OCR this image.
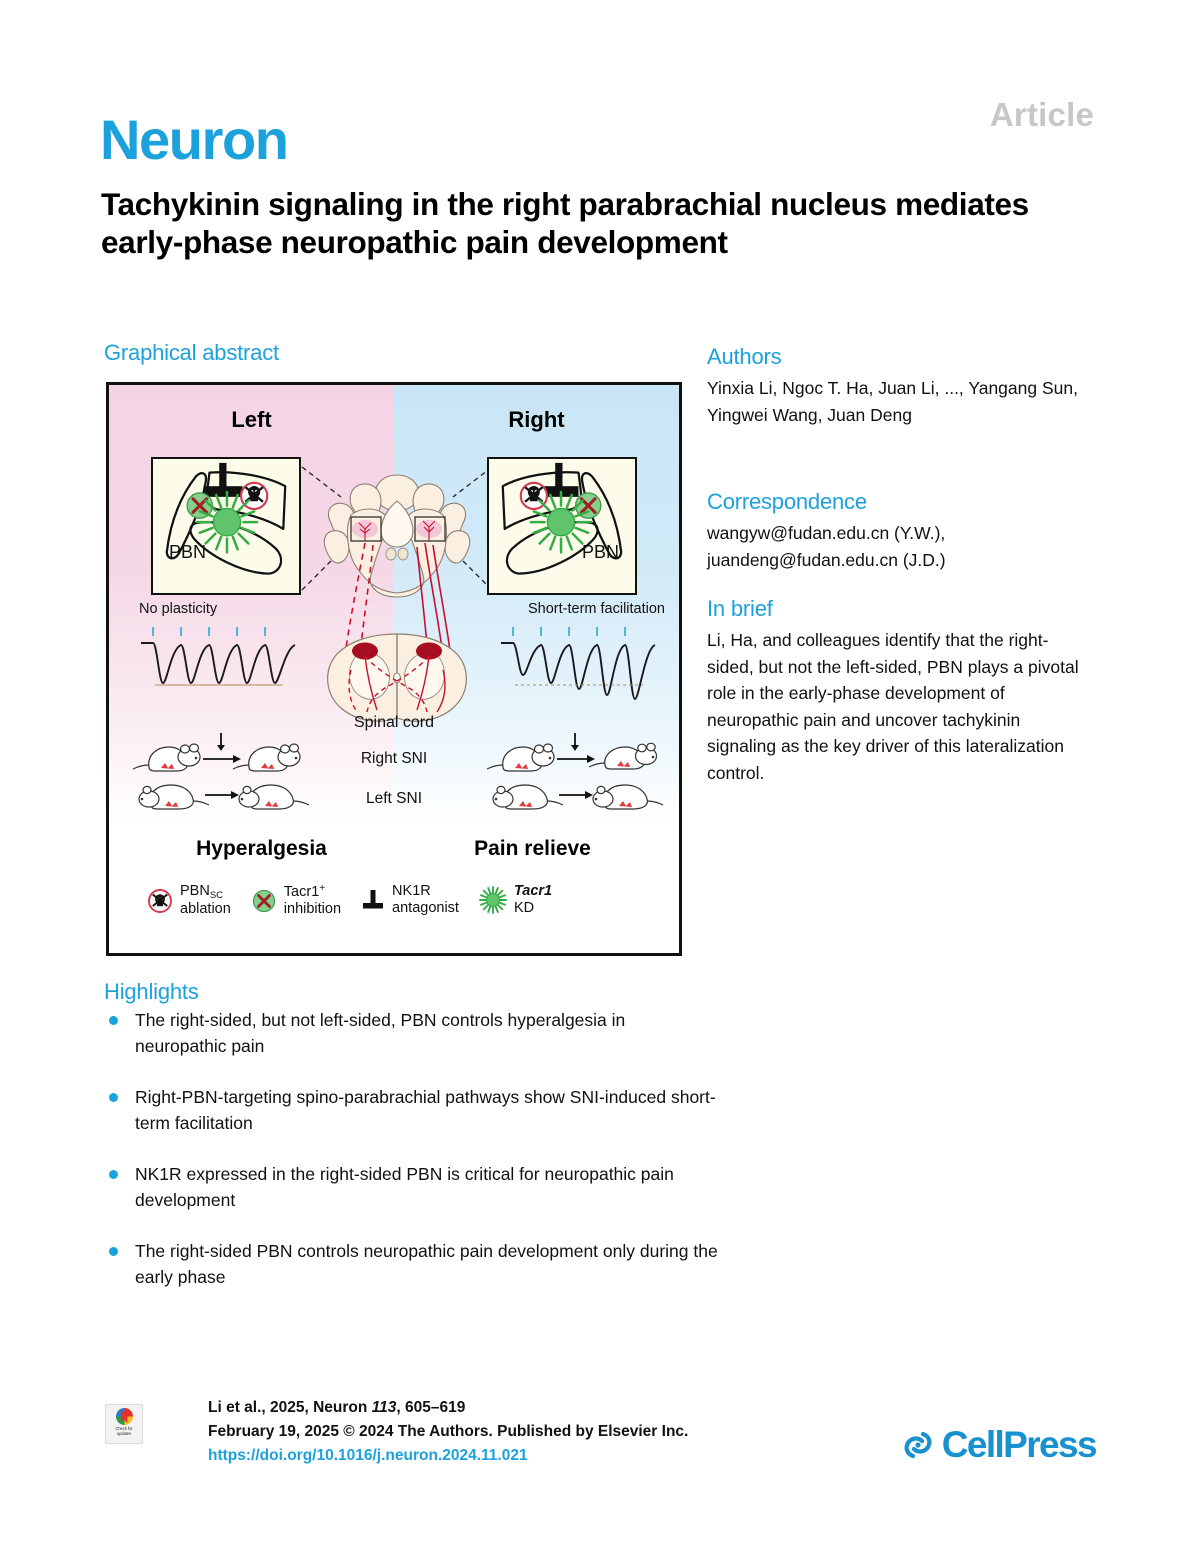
Article
Neuron
Tachykinin signaling in the right parabrachial nucleus mediates early-phase neuropathic pain development
Graphical abstract	Authors
Correspondence
In brief
Highlights
Yinxia Li, Ngoc T. Ha, Juan Li, ..., Yangang Sun, Yingwei Wang, Juan Deng
wangyw@fudan.edu.cn (Y.W.), juandeng@fudan.edu.cn (J.D.)
Li, Ha, and colleagues identify that the right-sided, but not the left-sided, PBN plays a pivotal role in the early-phase development of neuropathic pain and uncover tachykinin signaling as the key driver of this lateralization control.
The right-sided, but not left-sided, PBN controls hyperalgesia in neuropathic pain
Right-PBN-targeting spino-parabrachial pathways show SNI-induced short-term facilitation
NK1R expressed in the right-sided PBN is critical for neuropathic pain development
The right-sided PBN controls neuropathic pain development only during the early phase
Left	Right
PBN	PBN
Spinal cord
No plasticity	Short-term facilitation
Right SNI
Left SNI
Hyperalgesia	Pain relieve
$PBN_{SC}$
ablation
Tacr1+
inhibition
NK1R
antagonist
Tacr1
KD
Check for
updates
Li et al., 2025, Neuron 113, 605–619
February 19, 2025 © 2024 The Authors. Published by Elsevier Inc.
https://doi.org/10.1016/j.neuron.2024.11.021	CellPress
